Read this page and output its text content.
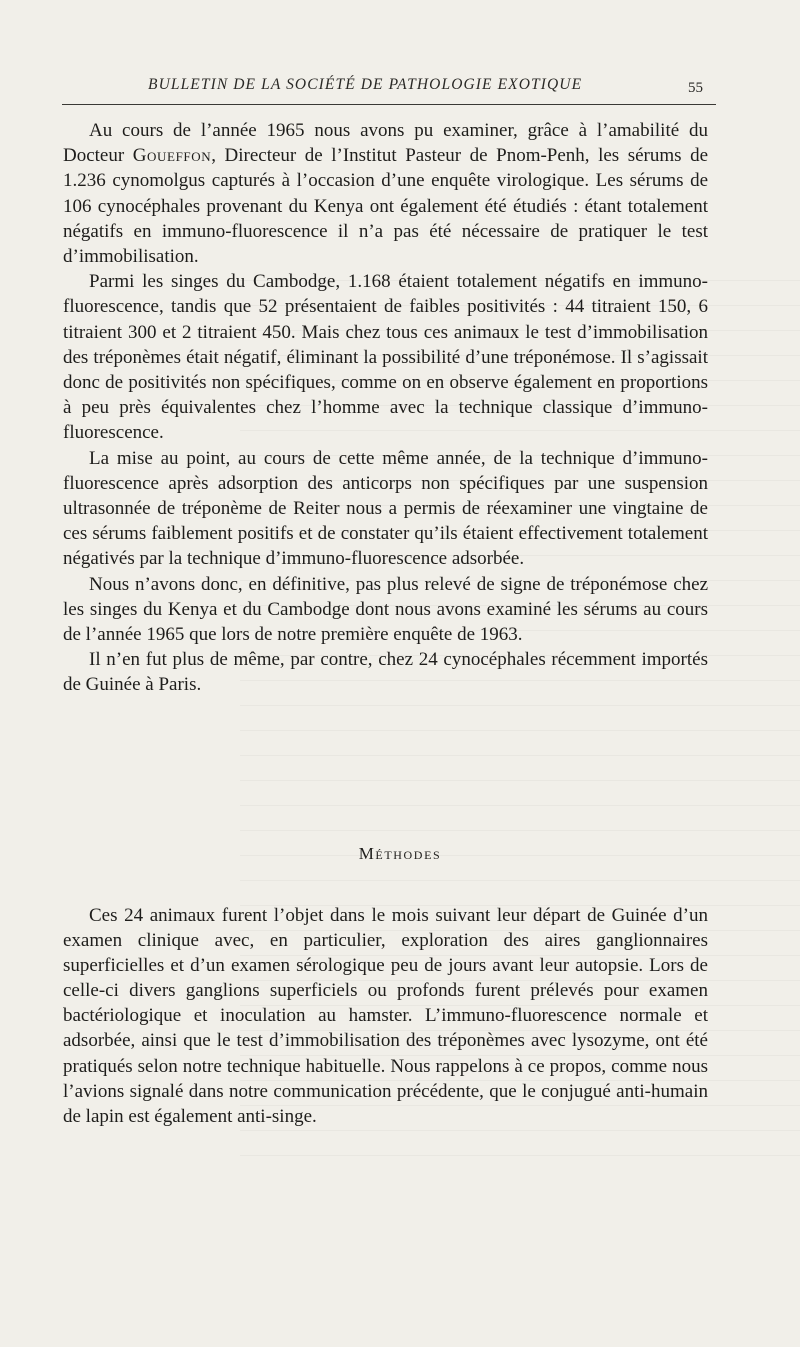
BULLETIN DE LA SOCIÉTÉ DE PATHOLOGIE EXOTIQUE	55

Au cours de l’année 1965 nous avons pu examiner, grâce à l’amabilité du Docteur Goueffon, Directeur de l’Institut Pasteur de Pnom-Penh, les sérums de 1.236 cynomolgus capturés à l’occasion d’une enquête virologique. Les sérums de 106 cynocéphales provenant du Kenya ont également été étudiés : étant totalement négatifs en immuno-fluorescence il n’a pas été nécessaire de pratiquer le test d’immobilisation.

Parmi les singes du Cambodge, 1.168 étaient totalement négatifs en immuno-fluorescence, tandis que 52 présentaient de faibles positivités : 44 titraient 150, 6 titraient 300 et 2 titraient 450. Mais chez tous ces animaux le test d’immobilisation des tréponèmes était négatif, éliminant la possibilité d’une tréponémose. Il s’agissait donc de positivités non spécifiques, comme on en observe également en proportions à peu près équivalentes chez l’homme avec la technique classique d’immuno-fluorescence.

La mise au point, au cours de cette même année, de la technique d’immuno-fluorescence après adsorption des anticorps non spécifiques par une suspension ultrasonnée de tréponème de Reiter nous a permis de réexaminer une vingtaine de ces sérums faiblement positifs et de constater qu’ils étaient effectivement totalement négativés par la technique d’immuno-fluorescence adsorbée.

Nous n’avons donc, en définitive, pas plus relevé de signe de tréponémose chez les singes du Kenya et du Cambodge dont nous avons examiné les sérums au cours de l’année 1965 que lors de notre première enquête de 1963.

Il n’en fut plus de même, par contre, chez 24 cynocéphales récemment importés de Guinée à Paris.

Méthodes

Ces 24 animaux furent l’objet dans le mois suivant leur départ de Guinée d’un examen clinique avec, en particulier, exploration des aires ganglionnaires superficielles et d’un examen sérologique peu de jours avant leur autopsie. Lors de celle-ci divers ganglions superficiels ou profonds furent prélevés pour examen bactériologique et inoculation au hamster. L’immuno-fluorescence normale et adsorbée, ainsi que le test d’immobilisation des tréponèmes avec lysozyme, ont été pratiqués selon notre technique habituelle. Nous rappelons à ce propos, comme nous l’avions signalé dans notre communication précédente, que le conjugué anti-humain de lapin est également anti-singe.
